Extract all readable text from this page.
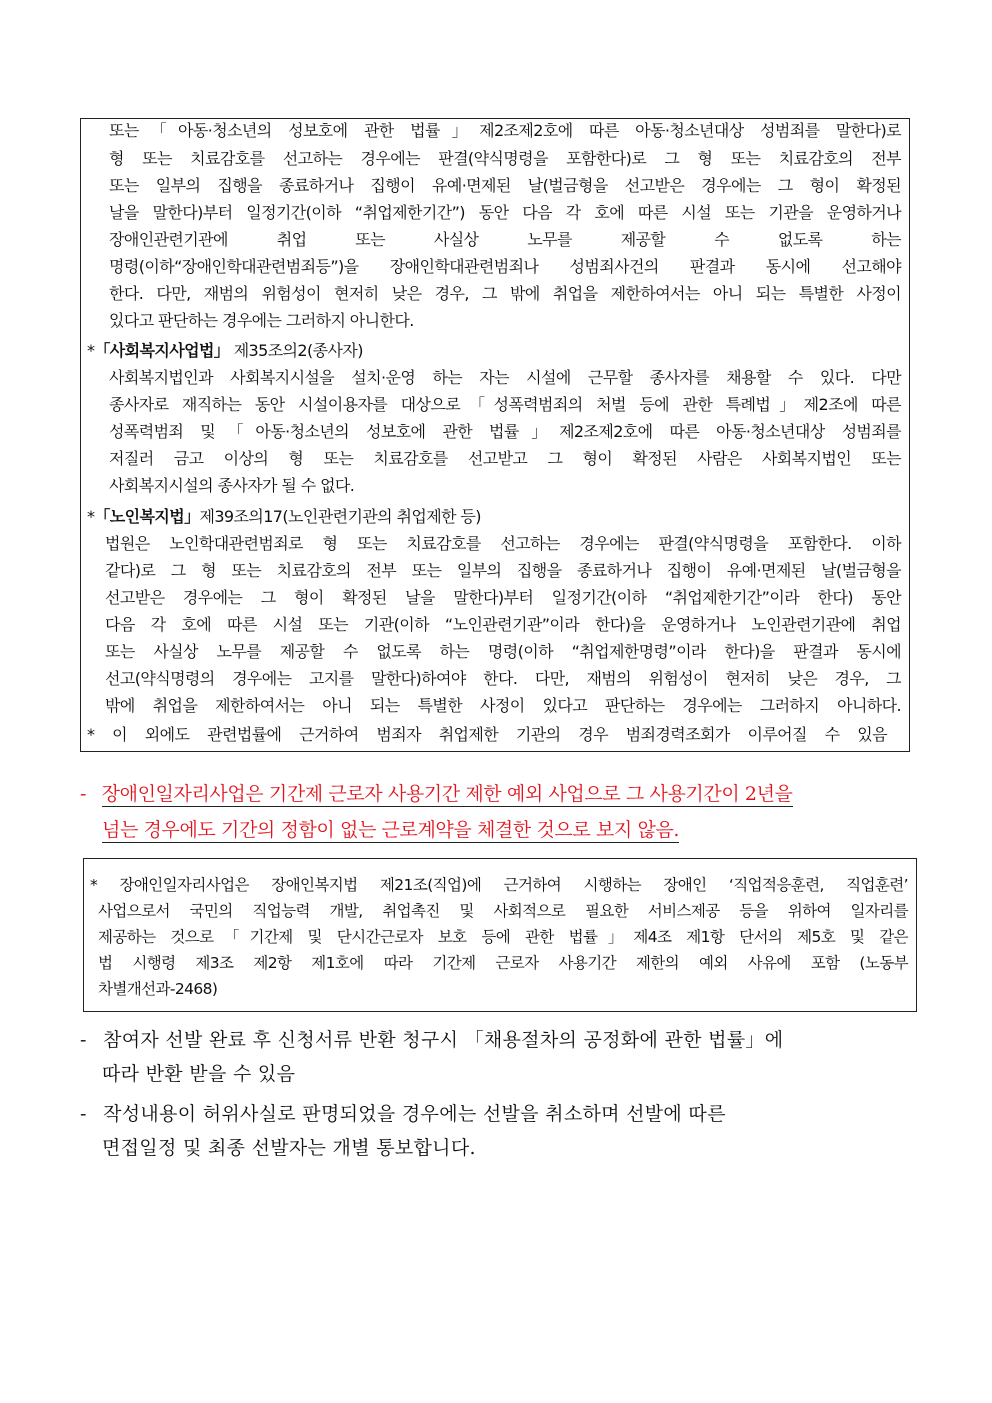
또는「아동·청소년의 성보호에 관한 법률」제2조제2호에 따른 아동·청소년대상 성범죄를 말한다)로
형 또는 치료감호를 선고하는 경우에는 판결(약식명령을 포함한다)로 그 형 또는 치료감호의 전부
또는 일부의 집행을 종료하거나 집행이 유예·면제된 날(벌금형을 선고받은 경우에는 그 형이 확정된
날을 말한다)부터 일정기간(이하 “취업제한기간”) 동안 다음 각 호에 따른 시설 또는 기관을 운영하거나
장애인관련기관에 취업 또는 사실상 노무를 제공할 수 없도록 하는
명령(이하“장애인학대관련범죄등”)을 장애인학대관련범죄나 성범죄사건의 판결과 동시에 선고해야
한다. 다만, 재범의 위험성이 현저히 낮은 경우, 그 밖에 취업을 제한하여서는 아니 되는 특별한 사정이
있다고 판단하는 경우에는 그러하지 아니한다.
*「사회복지사업법」 제35조의2(종사자)
사회복지법인과 사회복지시설을 설치·운영 하는 자는 시설에 근무할 종사자를 채용할 수 있다. 다만
종사자로 재직하는 동안 시설이용자를 대상으로「성폭력범죄의 처벌 등에 관한 특례법」제2조에 따른
성폭력범죄 및「아동·청소년의 성보호에 관한 법률」제2조제2호에 따른 아동·청소년대상 성범죄를
저질러 금고 이상의 형 또는 치료감호를 선고받고 그 형이 확정된 사람은 사회복지법인 또는
사회복지시설의 종사자가 될 수 없다.
*「노인복지법」제39조의17(노인관련기관의 취업제한 등)
법원은 노인학대관련범죄로 형 또는 치료감호를 선고하는 경우에는 판결(약식명령을 포함한다. 이하
같다)로 그 형 또는 치료감호의 전부 또는 일부의 집행을 종료하거나 집행이 유예·면제된 날(벌금형을
선고받은 경우에는 그 형이 확정된 날을 말한다)부터 일정기간(이하 “취업제한기간”이라 한다) 동안
다음 각 호에 따른 시설 또는 기관(이하 “노인관련기관”이라 한다)을 운영하거나 노인관련기관에 취업
또는 사실상 노무를 제공할 수 없도록 하는 명령(이하 “취업제한명령”이라 한다)을 판결과 동시에
선고(약식명령의 경우에는 고지를 말한다)하여야 한다. 다만, 재범의 위험성이 현저히 낮은 경우, 그
밖에 취업을 제한하여서는 아니 되는 특별한 사정이 있다고 판단하는 경우에는 그러하지 아니하다.
* 이 외에도 관련법률에 근거하여 범죄자 취업제한 기관의 경우 범죄경력조회가 이루어질 수 있음
- 장애인일자리사업은 기간제 근로자 사용기간 제한 예외 사업으로 그 사용기간이 2년을
넘는 경우에도 기간의 정함이 없는 근로계약을 체결한 것으로 보지 않음.
* 장애인일자리사업은 장애인복지법 제21조(직업)에 근거하여 시행하는 장애인 ‘직업적응훈련, 직업훈련’
사업으로서 국민의 직업능력 개발, 취업촉진 및 사회적으로 필요한 서비스제공 등을 위하여 일자리를
제공하는 것으로「기간제 및 단시간근로자 보호 등에 관한 법률」제4조 제1항 단서의 제5호 및 같은
법 시행령 제3조 제2항 제1호에 따라 기간제 근로자 사용기간 제한의 예외 사유에 포함 (노동부
차별개선과-2468)
- 참여자 선발 완료 후 신청서류 반환 청구시 「채용절차의 공정화에 관한 법률」에
따라 반환 받을 수 있음
- 작성내용이 허위사실로 판명되었을 경우에는 선발을 취소하며 선발에 따른
면접일정 및 최종 선발자는 개별 통보합니다.
